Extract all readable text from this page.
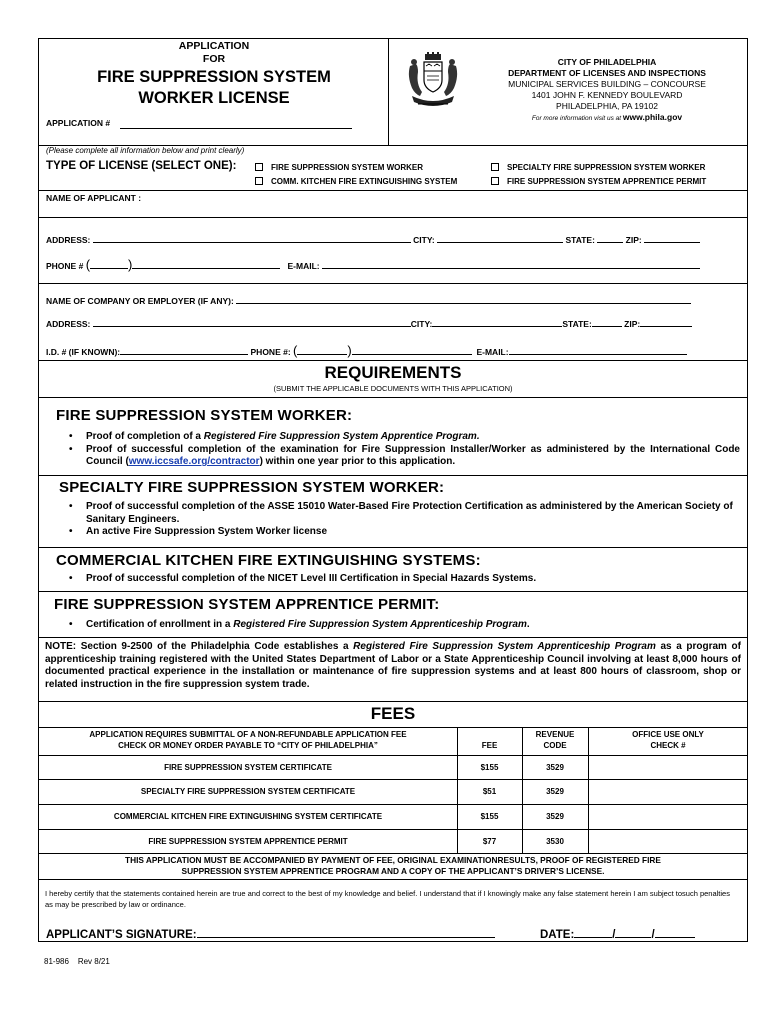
APPLICATION
FOR
FIRE SUPPRESSION SYSTEM
WORKER LICENSE
APPLICATION #
CITY OF PHILADELPHIA
DEPARTMENT OF LICENSES AND INSPECTIONS
MUNICIPAL SERVICES BUILDING – CONCOURSE
1401 JOHN F. KENNEDY BOULEVARD
PHILADELPHIA, PA 19102
For more information visit us at www.phila.gov
(Please complete all information below and print clearly)
TYPE OF LICENSE (SELECT ONE):	FIRE SUPPRESSION SYSTEM WORKER	SPECIALTY FIRE SUPPRESSION SYSTEM WORKER
COMM. KITCHEN FIRE EXTINGUISHING SYSTEM	FIRE SUPPRESSION SYSTEM APPRENTICE PERMIT
NAME OF APPLICANT :
ADDRESS:	CITY:	STATE:	ZIP:
PHONE # (	)	E-MAIL:
NAME OF COMPANY OR EMPLOYER (IF ANY):
ADDRESS:	CITY:	STATE:	ZIP:
I.D. # (IF KNOWN):	PHONE #: (	)	E-MAIL:
REQUIREMENTS
(SUBMIT THE APPLICABLE DOCUMENTS WITH THIS APPLICATION)
FIRE SUPPRESSION SYSTEM WORKER:
• Proof of completion of a Registered Fire Suppression System Apprentice Program.
• Proof of successful completion of the examination for Fire Suppression Installer/Worker as administered by the International Code Council (www.iccsafe.org/contractor) within one year prior to this application.
SPECIALTY FIRE SUPPRESSION SYSTEM WORKER:
• Proof of successful completion of the ASSE 15010 Water-Based Fire Protection Certification as administered by the American Society of Sanitary Engineers.
• An active Fire Suppression System Worker license
COMMERCIAL KITCHEN FIRE EXTINGUISHING SYSTEMS:
• Proof of successful completion of the NICET Level III Certification in Special Hazards Systems.
FIRE SUPPRESSION SYSTEM APPRENTICE PERMIT:
• Certification of enrollment in a Registered Fire Suppression System Apprenticeship Program.
NOTE: Section 9-2500 of the Philadelphia Code establishes a Registered Fire Suppression System Apprenticeship Program as a program of apprenticeship training registered with the United States Department of Labor or a State Apprenticeship Council involving at least 8,000 hours of documented practical experience in the installation or maintenance of fire suppression systems and at least 800 hours of classroom, shop or related instruction in the fire suppression system trade.
FEES
APPLICATION REQUIRES SUBMITTAL OF A NON-REFUNDABLE APPLICATION FEE
CHECK OR MONEY ORDER PAYABLE TO “CITY OF PHILADELPHIA”	FEE
REVENUE
CODE
OFFICE USE ONLY
CHECK #
FIRE SUPPRESSION SYSTEM CERTIFICATE	$155	3529
SPECIALTY FIRE SUPPRESSION SYSTEM CERTIFICATE	$51	3529
COMMERCIAL KITCHEN FIRE EXTINGUISHING SYSTEM CERTIFICATE	$155	3529
FIRE SUPPRESSION SYSTEM APPRENTICE PERMIT	$77	3530
THIS APPLICATION MUST BE ACCOMPANIED BY PAYMENT OF FEE, ORIGINAL EXAMINATIONRESULTS, PROOF OF REGISTERED FIRE
SUPPRESSION SYSTEM APPRENTICE PROGRAM AND A COPY OF THE APPLICANT’S DRIVER’S LICENSE.
I hereby certify that the statements contained herein are true and correct to the best of my knowledge and belief. I understand that if I knowingly make any false statement herein I am subject tosuch penalties as may be prescribed by law or ordinance.
APPLICANT’S SIGNATURE:	DATE:	/	/
81-986 Rev 8/21
